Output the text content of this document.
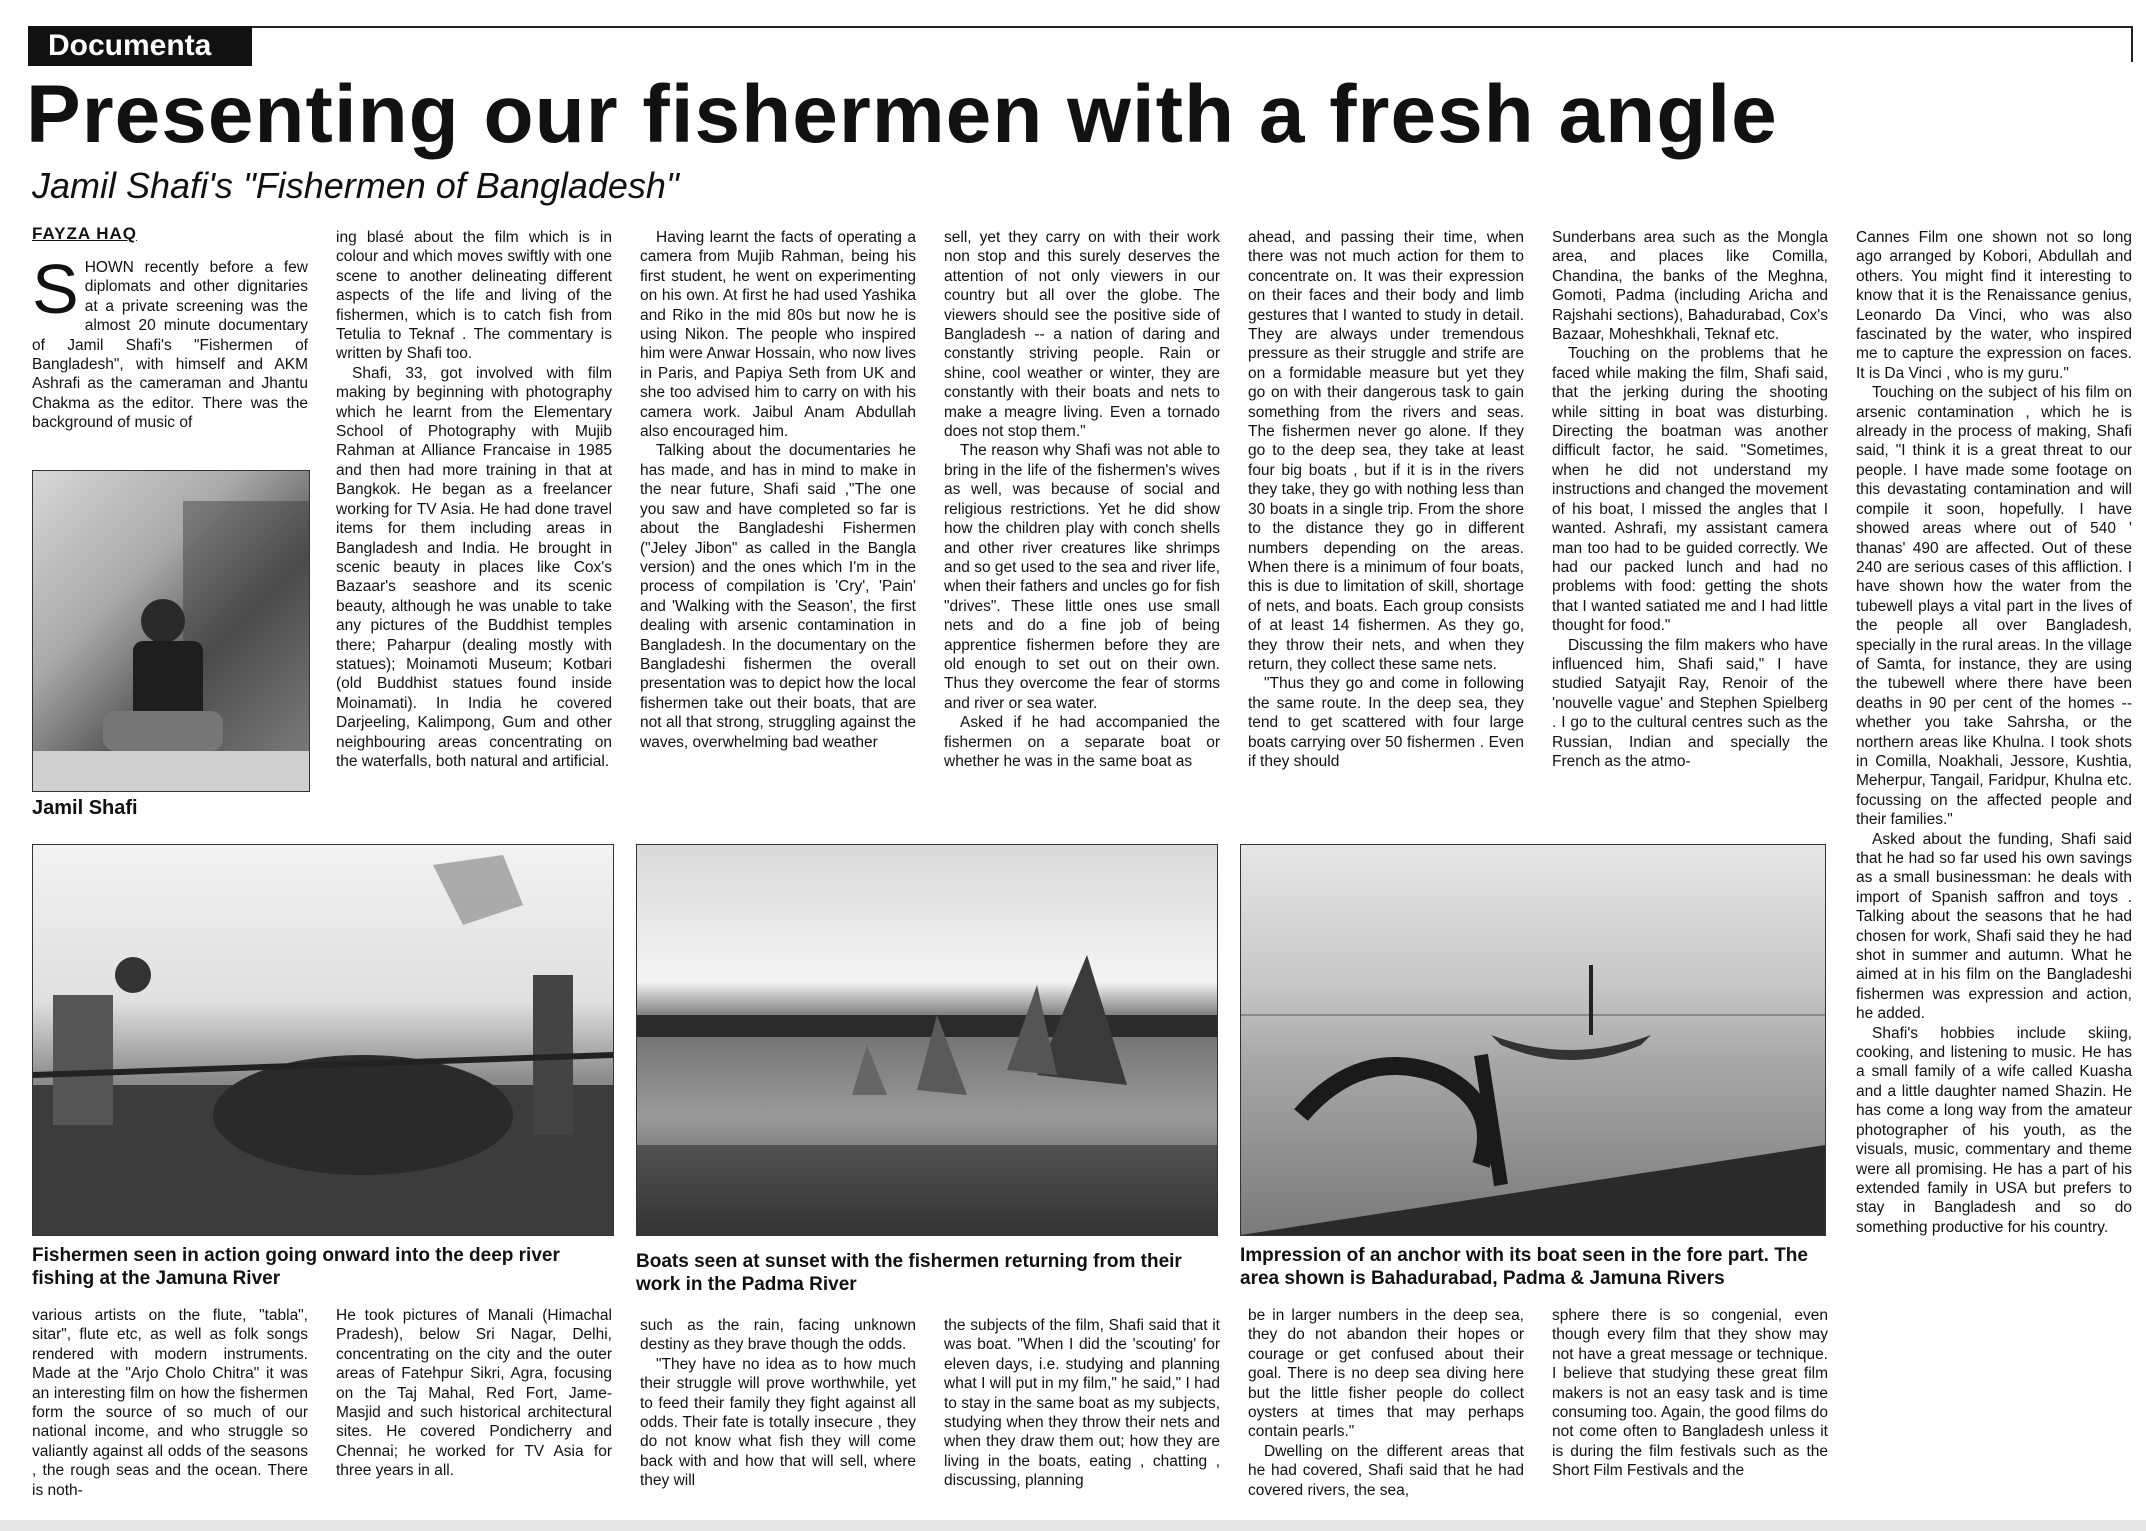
Documenta
Presenting our fishermen with a fresh angle
Jamil Shafi's "Fishermen of Bangladesh"
FAYZA HAQ

SHOWN recently before a few diplomats and other dignitaries at a private screening was the almost 20 minute documentary of Jamil Shafi's "Fishermen of Bangladesh", with himself and AKM Ashrafi as the cameraman and Jhantu Chakma as the editor. There was the background of music of

Jamil Shafi

ing blasé about the film which is in colour and which moves swiftly with one scene to another delineating different aspects of the life and living of the fishermen, which is to catch fish from Tetulia to Teknaf . The commentary is written by Shafi too.

Shafi, 33, got involved with film making by beginning with photography which he learnt from the Elementary School of Photography with Mujib Rahman at Alliance Francaise in 1985 and then had more training in that at Bangkok. He began as a freelancer working for TV Asia. He had done travel items for them including areas in Bangladesh and India. He brought in scenic beauty in places like Cox's Bazaar's seashore and its scenic beauty, although he was unable to take any pictures of the Buddhist temples there; Paharpur (dealing mostly with statues); Moinamoti Museum; Kotbari (old Buddhist statues found inside Moinamati). In India he covered Darjeeling, Kalimpong, Gum and other neighbouring areas concentrating on the waterfalls, both natural and artificial.

Having learnt the facts of operating a camera from Mujib Rahman, being his first student, he went on experimenting on his own. At first he had used Yashika and Riko in the mid 80s but now he is using Nikon. The people who inspired him were Anwar Hossain, who now lives in Paris, and Papiya Seth from UK and she too advised him to carry on with his camera work. Jaibul Anam Abdullah also encouraged him.

Talking about the documentaries he has made, and has in mind to make in the near future, Shafi said ,"The one you saw and have completed so far is about the Bangladeshi Fishermen ("Jeley Jibon" as called in the Bangla version) and the ones which I'm in the process of compilation is 'Cry', 'Pain' and 'Walking with the Season', the first dealing with arsenic contamination in Bangladesh. In the documentary on the Bangladeshi fishermen the overall presentation was to depict how the local fishermen take out their boats, that are not all that strong, struggling against the waves, overwhelming bad weather

sell, yet they carry on with their work non stop and this surely deserves the attention of not only viewers in our country but all over the globe. The viewers should see the positive side of Bangladesh -- a nation of daring and constantly striving people. Rain or shine, cool weather or winter, they are constantly with their boats and nets to make a meagre living. Even a tornado does not stop them."

The reason why Shafi was not able to bring in the life of the fishermen's wives as well, was because of social and religious restrictions. Yet he did show how the children play with conch shells and other river creatures like shrimps and so get used to the sea and river life, when their fathers and uncles go for fish "drives". These little ones use small nets and do a fine job of being apprentice fishermen before they are old enough to set out on their own. Thus they overcome the fear of storms and river or sea water.

Asked if he had accompanied the fishermen on a separate boat or whether he was in the same boat as

ahead, and passing their time, when there was not much action for them to concentrate on. It was their expression on their faces and their body and limb gestures that I wanted to study in detail. They are always under tremendous pressure as their struggle and strife are on a formidable measure but yet they go on with their dangerous task to gain something from the rivers and seas. The fishermen never go alone. If they go to the deep sea, they take at least four big boats , but if it is in the rivers they take, they go with nothing less than 30 boats in a single trip. From the shore to the distance they go in different numbers depending on the areas. When there is a minimum of four boats, this is due to limitation of skill, shortage of nets, and boats. Each group consists of at least 14 fishermen. As they go, they throw their nets, and when they return, they collect these same nets.

"Thus they go and come in following the same route. In the deep sea, they tend to get scattered with four large boats carrying over 50 fishermen . Even if they should

Sunderbans area such as the Mongla area, and places like Comilla, Chandina, the banks of the Meghna, Gomoti, Padma (including Aricha and Rajshahi sections), Bahadurabad, Cox's Bazaar, Moheshkhali, Teknaf etc.

Touching on the problems that he faced while making the film, Shafi said, that the jerking during the shooting while sitting in boat was disturbing. Directing the boatman was another difficult factor, he said. "Sometimes, when he did not understand my instructions and changed the movement of his boat, I missed the angles that I wanted. Ashrafi, my assistant camera man too had to be guided correctly. We had our packed lunch and had no problems with food: getting the shots that I wanted satiated me and I had little thought for food."

Discussing the film makers who have influenced him, Shafi said," I have studied Satyajit Ray, Renoir of the 'nouvelle vague' and Stephen Spielberg . I go to the cultural centres such as the Russian, Indian and specially the French as the atmo-

Cannes Film one shown not so long ago arranged by Kobori, Abdullah and others. You might find it interesting to know that it is the Renaissance genius, Leonardo Da Vinci, who was also fascinated by the water, who inspired me to capture the expression on faces. It is Da Vinci , who is my guru."

Touching on the subject of his film on arsenic contamination , which he is already in the process of making, Shafi said, "I think it is a great threat to our people. I have made some footage on this devastating contamination and will compile it soon, hopefully. I have showed areas where out of 540 ' thanas' 490 are affected. Out of these 240 are serious cases of this affliction. I have shown how the water from the tubewell plays a vital part in the lives of the people all over Bangladesh, specially in the rural areas. In the village of Samta, for instance, they are using the tubewell where there have been deaths in 90 per cent of the homes -- whether you take Sahrsha, or the northern areas like Khulna. I took shots in Comilla, Noakhali, Jessore, Kushtia, Meherpur, Tangail, Faridpur, Khulna etc. focussing on the affected people and their families."

Asked about the funding, Shafi said that he had so far used his own savings as a small businessman: he deals with import of Spanish saffron and toys . Talking about the seasons that he had chosen for work, Shafi said they he had shot in summer and autumn. What he aimed at in his film on the Bangladeshi fishermen was expression and action, he added.

Shafi's hobbies include skiing, cooking, and listening to music. He has a small family of a wife called Kuasha and a little daughter named Shazin. He has come a long way from the amateur photographer of his youth, as the visuals, music, commentary and theme were all promising. He has a part of his extended family in USA but prefers to stay in Bangladesh and so do something productive for his country.

Fishermen seen in action going onward into the deep river fishing at the Jamuna River
Boats seen at sunset with the fishermen returning from their work in the Padma River
Impression of an anchor with its boat seen in the fore part. The area shown is Bahadurabad, Padma & Jamuna Rivers

various artists on the flute, "tabla", sitar", flute etc, as well as folk songs rendered with modern instruments. Made at the "Arjo Cholo Chitra" it was an interesting film on how the fishermen form the source of so much of our national income, and who struggle so valiantly against all odds of the seasons , the rough seas and the ocean. There is noth-

He took pictures of Manali (Himachal Pradesh), below Sri Nagar, Delhi, concentrating on the city and the outer areas of Fatehpur Sikri, Agra, focusing on the Taj Mahal, Red Fort, Jame-Masjid and such historical architectural sites. He covered Pondicherry and Chennai; he worked for TV Asia for three years in all.

such as the rain, facing unknown destiny as they brave though the odds.

"They have no idea as to how much their struggle will prove worthwhile, yet to feed their family they fight against all odds. Their fate is totally insecure , they do not know what fish they will come back with and how that will sell, where they will

the subjects of the film, Shafi said that it was boat. "When I did the 'scouting' for eleven days, i.e. studying and planning what I will put in my film," he said," I had to stay in the same boat as my subjects, studying when they throw their nets and when they draw them out; how they are living in the boats, eating , chatting , discussing, planning

be in larger numbers in the deep sea, they do not abandon their hopes or courage or get confused about their goal. There is no deep sea diving here but the little fisher people do collect oysters at times that may perhaps contain pearls."

Dwelling on the different areas that he had covered, Shafi said that he had covered rivers, the sea,

sphere there is so congenial, even though every film that they show may not have a great message or technique. I believe that studying these great film makers is not an easy task and is time consuming too. Again, the good films do not come often to Bangladesh unless it is during the film festivals such as the Short Film Festivals and the
